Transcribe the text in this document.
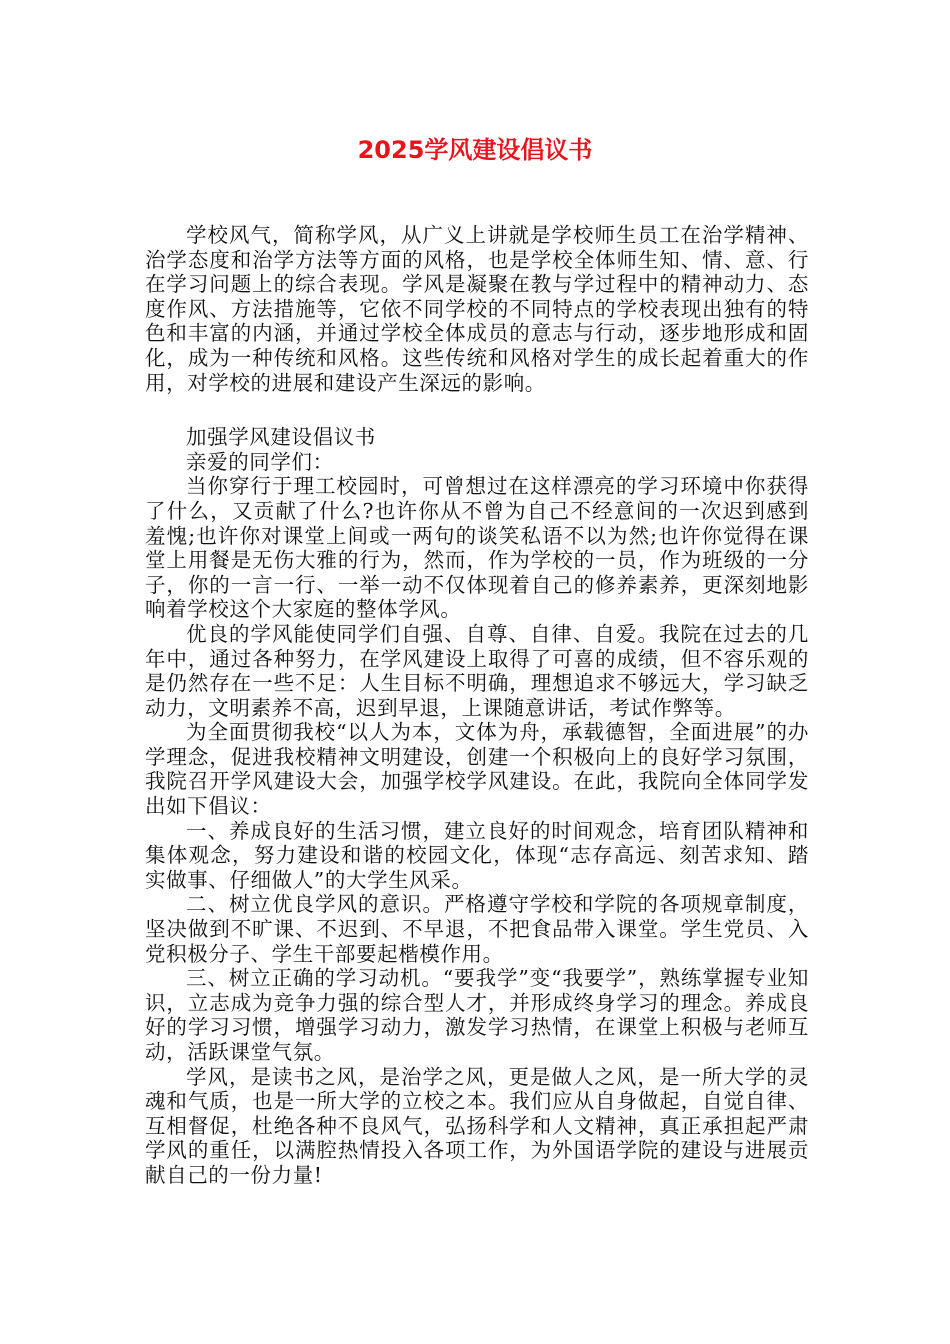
2025学风建设倡议书

学校风气，简称学风，从广义上讲就是学校师生员工在治学精神、治学态度和治学方法等方面的风格，也是学校全体师生知、情、意、行在学习问题上的综合表现。学风是凝聚在教与学过程中的精神动力、态度作风、方法措施等，它依不同学校的不同特点的学校表现出独有的特色和丰富的内涵，并通过学校全体成员的意志与行动，逐步地形成和固化，成为一种传统和风格。这些传统和风格对学生的成长起着重大的作用，对学校的进展和建设产生深远的影响。

加强学风建设倡议书

亲爱的同学们：

当你穿行于理工校园时，可曾想过在这样漂亮的学习环境中你获得了什么，又贡献了什么?也许你从不曾为自己不经意间的一次迟到感到羞愧;也许你对课堂上间或一两句的谈笑私语不以为然;也许你觉得在课堂上用餐是无伤大雅的行为，然而，作为学校的一员，作为班级的一分子，你的一言一行、一举一动不仅体现着自己的修养素养，更深刻地影响着学校这个大家庭的整体学风。

优良的学风能使同学们自强、自尊、自律、自爱。我院在过去的几年中，通过各种努力，在学风建设上取得了可喜的成绩，但不容乐观的是仍然存在一些不足：人生目标不明确，理想追求不够远大，学习缺乏动力，文明素养不高，迟到早退，上课随意讲话，考试作弊等。

为全面贯彻我校“以人为本，文体为舟，承载德智，全面进展”的办学理念，促进我校精神文明建设，创建一个积极向上的良好学习氛围，我院召开学风建设大会，加强学校学风建设。在此，我院向全体同学发出如下倡议：

一、养成良好的生活习惯，建立良好的时间观念，培育团队精神和集体观念，努力建设和谐的校园文化，体现“志存高远、刻苦求知、踏实做事、仔细做人”的大学生风采。

二、树立优良学风的意识。严格遵守学校和学院的各项规章制度，坚决做到不旷课、不迟到、不早退，不把食品带入课堂。学生党员、入党积极分子、学生干部要起楷模作用。

三、树立正确的学习动机。“要我学”变“我要学”，熟练掌握专业知识，立志成为竞争力强的综合型人才，并形成终身学习的理念。养成良好的学习习惯，增强学习动力，激发学习热情，在课堂上积极与老师互动，活跃课堂气氛。

学风，是读书之风，是治学之风，更是做人之风，是一所大学的灵魂和气质，也是一所大学的立校之本。我们应从自身做起，自觉自律、互相督促，杜绝各种不良风气，弘扬科学和人文精神，真正承担起严肃学风的重任，以满腔热情投入各项工作，为外国语学院的建设与进展贡献自己的一份力量!
